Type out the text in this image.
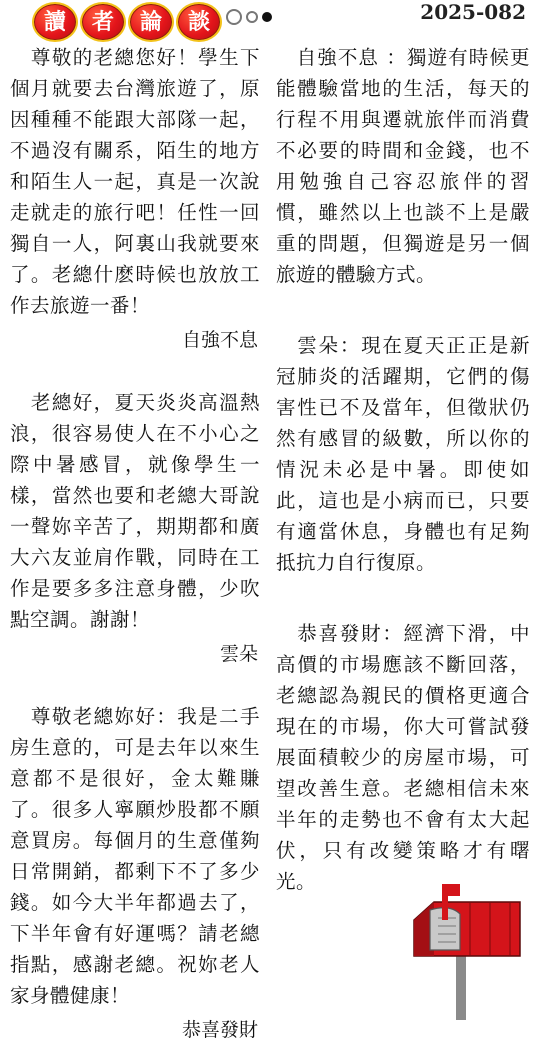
讀	者	論	談	2025-082

尊敬的老總您好！學生下個月就要去台灣旅遊了，原因種種不能跟大部隊一起，不過沒有關系，陌生的地方和陌生人一起，真是一次說走就走的旅行吧！任性一回獨自一人，阿裏山我就要來了。老總什麽時候也放放工作去旅遊一番！

自強不息

老總好，夏天炎炎高溫熱浪，很容易使人在不小心之際中暑感冒，就像學生一樣，當然也要和老總大哥說一聲妳辛苦了，期期都和廣大六友並肩作戰，同時在工作是要多多注意身體，少吹點空調。謝謝！

雲朵

尊敬老總妳好：我是二手房生意的，可是去年以來生意都不是很好，金太難賺了。很多人寧願炒股都不願意買房。每個月的生意僅夠日常開銷，都剩下不了多少錢。如今大半年都過去了，下半年會有好運嗎？請老總指點，感謝老總。祝妳老人家身體健康！

恭喜發財

自強不息 ：獨遊有時候更能體驗當地的生活，每天的行程不用與遷就旅伴而消費不必要的時間和金錢，也不用勉強自己容忍旅伴的習慣，雖然以上也談不上是嚴重的問題，但獨遊是另一個旅遊的體驗方式。

雲朵：現在夏天正正是新冠肺炎的活躍期，它們的傷害性已不及當年，但徵狀仍然有感冒的級數，所以你的情況未必是中暑。即使如此，這也是小病而已，只要有適當休息，身體也有足夠抵抗力自行復原。

恭喜發財：經濟下滑，中高價的市場應該不斷回落，老總認為親民的價格更適合現在的市場，你大可嘗試發展面積較少的房屋市場，可望改善生意。老總相信未來半年的走勢也不會有太大起伏，只有改變策略才有曙光。
